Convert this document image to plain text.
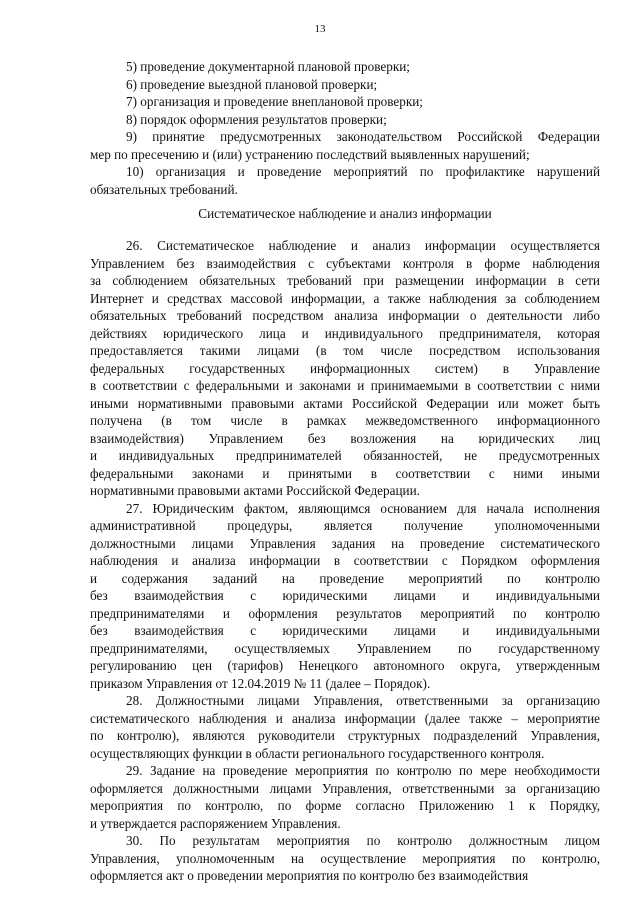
13
5) проведение документарной плановой проверки;
6) проведение выездной плановой проверки;
7) организация и проведение внеплановой проверки;
8) порядок оформления результатов проверки;
9) принятие предусмотренных законодательством Российской Федерации
мер по пресечению и (или) устранению последствий выявленных нарушений;
10) организация и проведение мероприятий по профилактике нарушений
обязательных требований.
Систематическое наблюдение и анализ информации
26. Систематическое наблюдение и анализ информации осуществляется
Управлением без взаимодействия с субъектами контроля в форме наблюдения
за соблюдением обязательных требований при размещении информации в сети
Интернет и средствах массовой информации, а также наблюдения за соблюдением
обязательных требований посредством анализа информации о деятельности либо
действиях юридического лица и индивидуального предпринимателя, которая
предоставляется такими лицами (в том числе посредством использования
федеральных государственных информационных систем) в Управление
в соответствии с федеральными и законами и принимаемыми в соответствии с ними
иными нормативными правовыми актами Российской Федерации или может быть
получена (в том числе в рамках межведомственного информационного
взаимодействия) Управлением без возложения на юридических лиц
и индивидуальных предпринимателей обязанностей, не предусмотренных
федеральными законами и принятыми в соответствии с ними иными
нормативными правовыми актами Российской Федерации.
27. Юридическим фактом, являющимся основанием для начала исполнения
административной процедуры, является получение уполномоченными
должностными лицами Управления задания на проведение систематического
наблюдения и анализа информации в соответствии с Порядком оформления
и содержания заданий на проведение мероприятий по контролю
без взаимодействия с юридическими лицами и индивидуальными
предпринимателями и оформления результатов мероприятий по контролю
без взаимодействия с юридическими лицами и индивидуальными
предпринимателями, осуществляемых Управлением по государственному
регулированию цен (тарифов) Ненецкого автономного округа, утвержденным
приказом Управления от 12.04.2019 № 11 (далее – Порядок).
28. Должностными лицами Управления, ответственными за организацию
систематического наблюдения и анализа информации (далее также – мероприятие
по контролю), являются руководители структурных подразделений Управления,
осуществляющих функции в области регионального государственного контроля.
29. Задание на проведение мероприятия по контролю по мере необходимости
оформляется должностными лицами Управления, ответственными за организацию
мероприятия по контролю, по форме согласно Приложению 1 к Порядку,
и утверждается распоряжением Управления.
30. По результатам мероприятия по контролю должностным лицом
Управления, уполномоченным на осуществление мероприятия по контролю,
оформляется акт о проведении мероприятия по контролю без взаимодействия
